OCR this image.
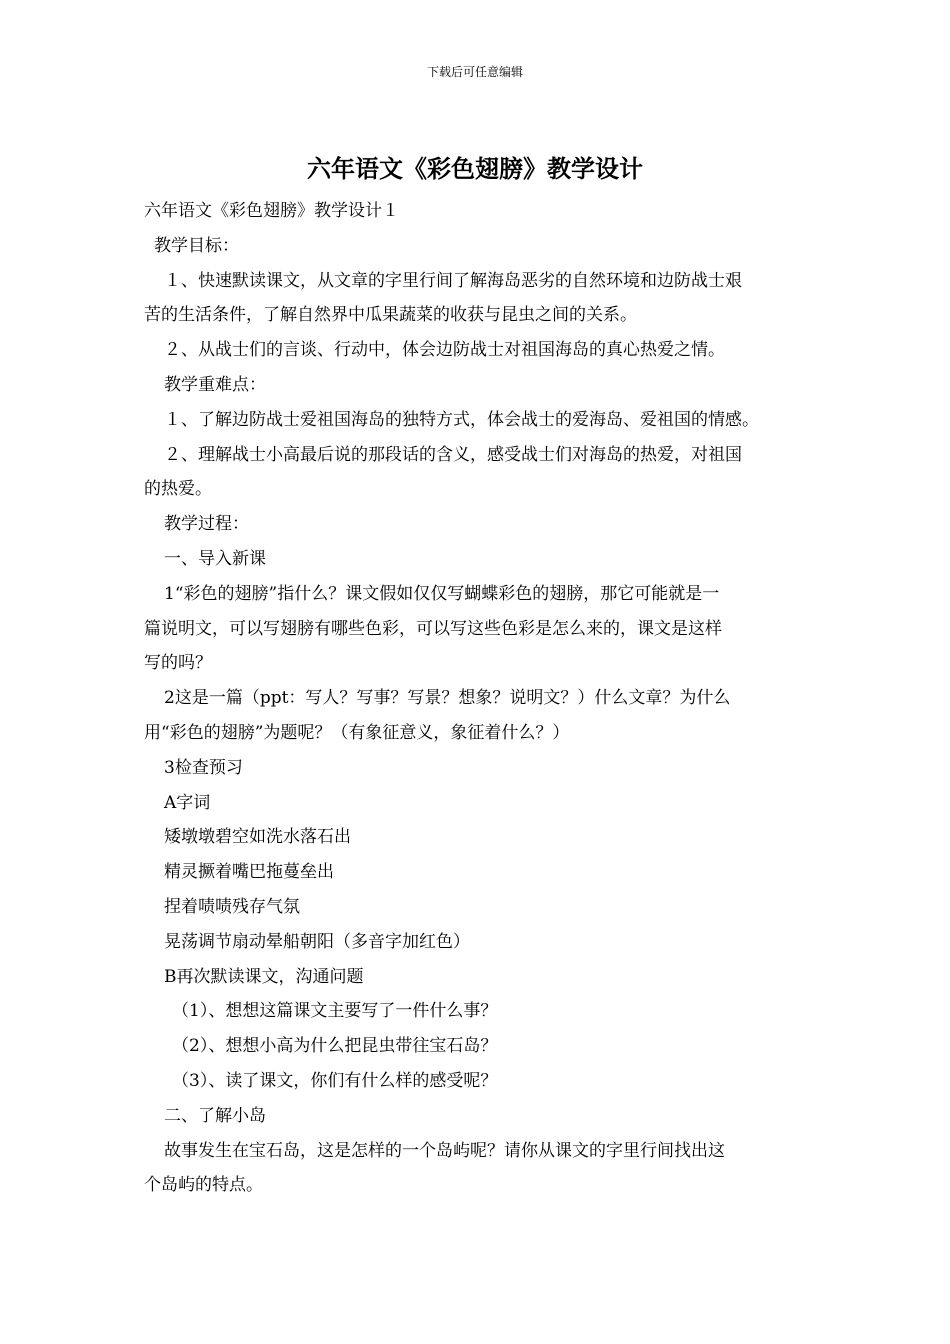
下载后可任意编辑
六年语文《彩色翅膀》教学设计
六年语文《彩色翅膀》教学设计１
教学目标：
１、快速默读课文，从文章的字里行间了解海岛恶劣的自然环境和边防战士艰
苦的生活条件，了解自然界中瓜果蔬菜的收获与昆虫之间的关系。
２、从战士们的言谈、行动中，体会边防战士对祖国海岛的真心热爱之情。
教学重难点：
１、了解边防战士爱祖国海岛的独特方式，体会战士的爱海岛、爱祖国的情感。
２、理解战士小高最后说的那段话的含义，感受战士们对海岛的热爱，对祖国
的热爱。
教学过程：
一、导入新课
1“彩色的翅膀”指什么？课文假如仅仅写蝴蝶彩色的翅膀，那它可能就是一
篇说明文，可以写翅膀有哪些色彩，可以写这些色彩是怎么来的，课文是这样
写的吗？
2这是一篇（ppt：写人？写事？写景？想象？说明文？）什么文章？为什么
用“彩色的翅膀”为题呢？（有象征意义，象征着什么？）
3检查预习
A字词
矮墩墩碧空如洗水落石出
精灵撅着嘴巴拖蔓垒出
捏着啧啧残存气氛
晃荡调节扇动晕船朝阳（多音字加红色）
B再次默读课文，沟通问题
（1）、想想这篇课文主要写了一件什么事？
（2）、想想小高为什么把昆虫带往宝石岛？
（3）、读了课文，你们有什么样的感受呢？
二、了解小岛
故事发生在宝石岛，这是怎样的一个岛屿呢？请你从课文的字里行间找出这
个岛屿的特点。
